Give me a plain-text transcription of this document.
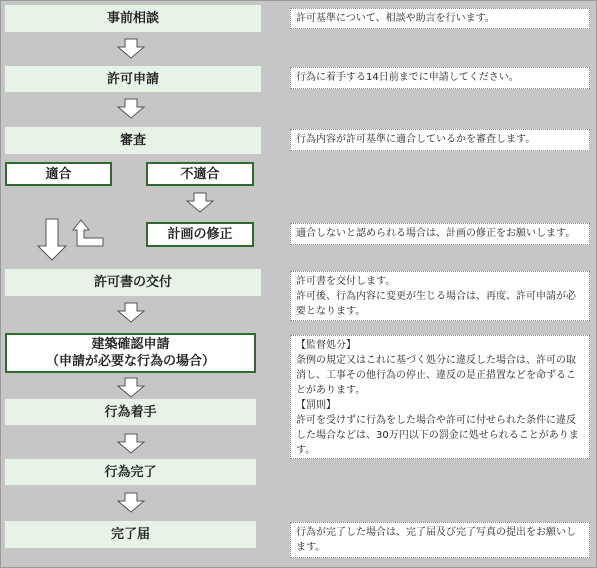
事前相談
許可申請
審査
適合	不適合
計画の修正
許可書の交付
建築確認申請
（申請が必要な行為の場合）
行為着手
行為完了
完了届
許可基準について、相談や助言を行います。
行為に着手する14日前までに申請してください。
行為内容が許可基準に適合しているかを審査します。
適合しないと認められる場合は、計画の修正をお願いします。
許可書を交付します。
許可後、行為内容に変更が生じる場合は、再度、許可申請が必要となります。
【監督処分】
条例の規定又はこれに基づく処分に違反した場合は、許可の取消し、工事その他行為の停止、違反の是正措置などを命ずることがあります。
【罰則】
許可を受けずに行為をした場合や許可に付せられた条件に違反した場合などは、30万円以下の罰金に処せられることがあります。
行為が完了した場合は、完了届及び完了写真の提出をお願いします。
